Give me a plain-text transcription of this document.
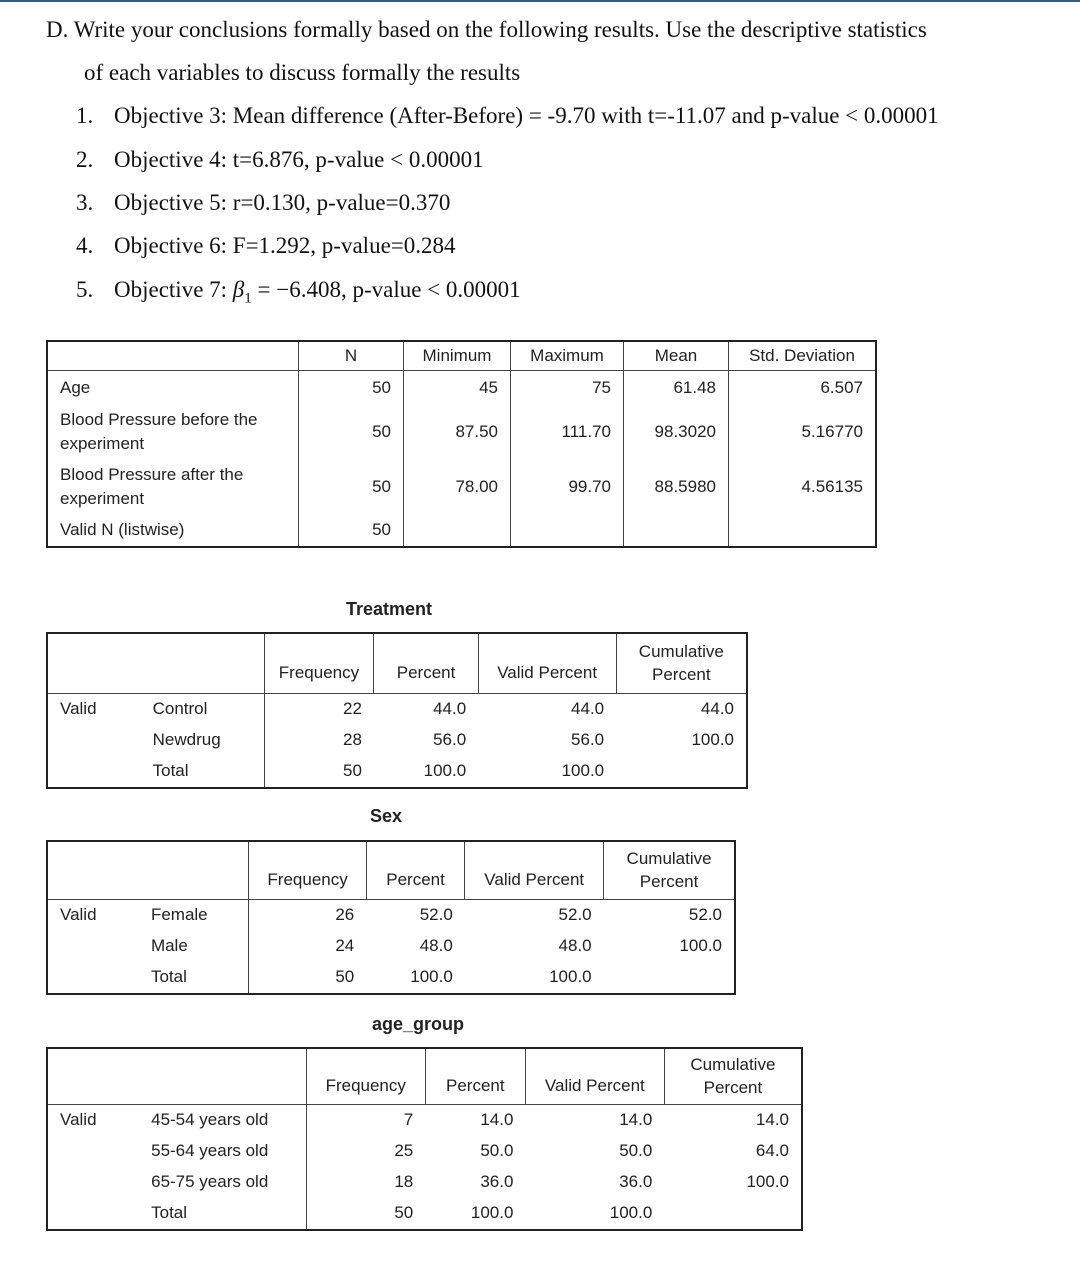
D. Write your conclusions formally based on the following results. Use the descriptive statistics

of each variables to discuss formally the results

1. Objective 3: Mean difference (After-Before) = -9.70 with t=-11.07 and p-value < 0.00001
2. Objective 4: t=6.876, p-value < 0.00001
3. Objective 5: r=0.130, p-value=0.370
4. Objective 6: F=1.292, p-value=0.284
5. Objective 7: $\beta_1 = -6.408$, p-value < 0.00001
	N	Minimum	Maximum	Mean	Std. Deviation
Age	50	45	75	61.48	6.507
Blood Pressure before the experiment	50	87.50	111.70	98.3020	5.16770
Blood Pressure after the experiment	50	78.00	99.70	88.5980	4.56135
Valid N (listwise)	50				
Treatment
		Frequency	Percent	Valid Percent	Cumulative Percent
Valid	Control	22	44.0	44.0	44.0
	Newdrug	28	56.0	56.0	100.0
	Total	50	100.0	100.0	
Sex
		Frequency	Percent	Valid Percent	Cumulative Percent
Valid	Female	26	52.0	52.0	52.0
	Male	24	48.0	48.0	100.0
	Total	50	100.0	100.0	
age_group
		Frequency	Percent	Valid Percent	Cumulative Percent
Valid	45-54 years old	7	14.0	14.0	14.0
	55-64 years old	25	50.0	50.0	64.0
	65-75 years old	18	36.0	36.0	100.0
	Total	50	100.0	100.0	
